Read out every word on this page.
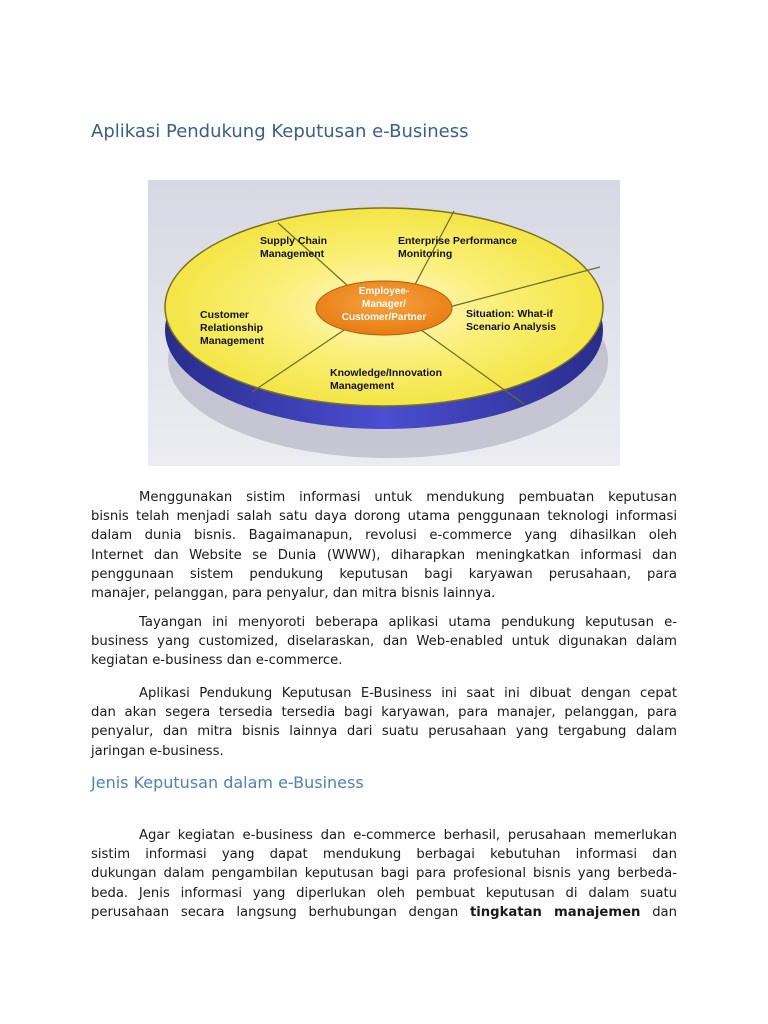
Aplikasi Pendukung Keputusan e-Business
Employee-
Manager/
Customer/Partner
Supply Chain
Management
Enterprise Performance
Monitoring
Situation: What-if
Scenario Analysis
Knowledge/Innovation
Management
Customer
Relationship
Management
Menggunakan sistim informasi untuk mendukung pembuatan keputusan
bisnis telah menjadi salah satu daya dorong utama penggunaan teknologi informasi
dalam dunia bisnis. Bagaimanapun, revolusi e-commerce yang dihasilkan oleh
Internet dan Website se Dunia (WWW), diharapkan meningkatkan informasi dan
penggunaan sistem pendukung keputusan bagi karyawan perusahaan, para
manajer, pelanggan, para penyalur, dan mitra bisnis lainnya.
Tayangan ini menyoroti beberapa aplikasi utama pendukung keputusan e-
business yang customized, diselaraskan, dan Web-enabled untuk digunakan dalam
kegiatan e-business dan e-commerce.
Aplikasi Pendukung Keputusan E-Business ini saat ini dibuat dengan cepat
dan akan segera tersedia tersedia bagi karyawan, para manajer, pelanggan, para
penyalur, dan mitra bisnis lainnya dari suatu perusahaan yang tergabung dalam
jaringan e-business.
Jenis Keputusan dalam e-Business
Agar kegiatan e-business dan e-commerce berhasil, perusahaan memerlukan
sistim informasi yang dapat mendukung berbagai kebutuhan informasi dan
dukungan dalam pengambilan keputusan bagi para profesional bisnis yang berbeda-
beda. Jenis informasi yang diperlukan oleh pembuat keputusan di dalam suatu
perusahaan secara langsung berhubungan dengan tingkatan manajemen dan
